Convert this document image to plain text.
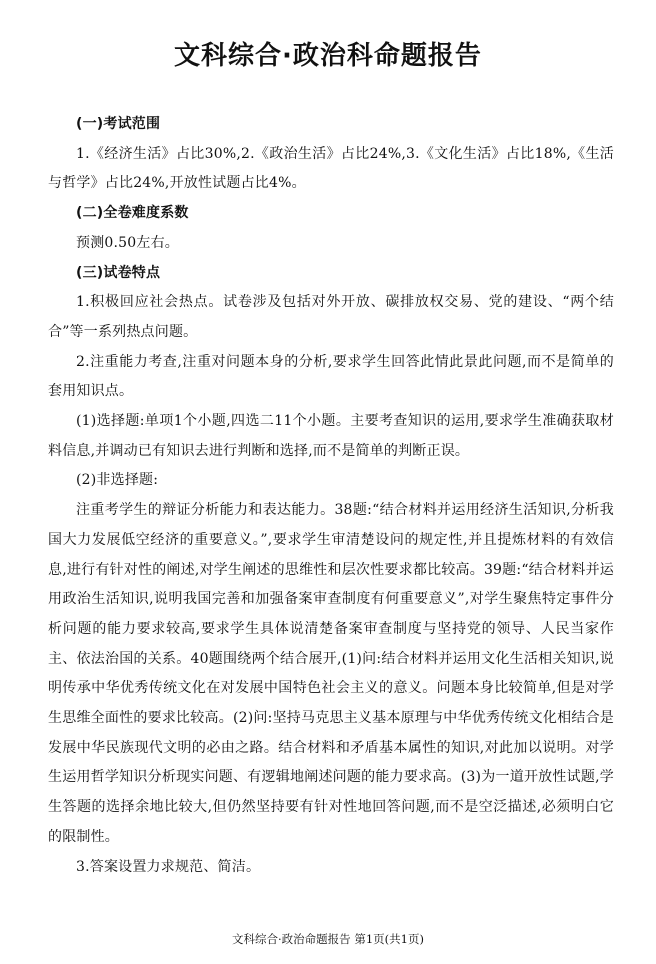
文科综合·政治科命题报告

(一)考试范围

1.《经济生活》占比30%,2.《政治生活》占比24%,3.《文化生活》占比18%,《生活与哲学》占比24%,开放性试题占比4%。

(二)全卷难度系数

预测0.50左右。

(三)试卷特点

1.积极回应社会热点。试卷涉及包括对外开放、碳排放权交易、党的建设、“两个结合”等一系列热点问题。

2.注重能力考查,注重对问题本身的分析,要求学生回答此情此景此问题,而不是简单的套用知识点。

(1)选择题:单项1个小题,四选二11个小题。主要考查知识的运用,要求学生准确获取材料信息,并调动已有知识去进行判断和选择,而不是简单的判断正误。

(2)非选择题:

注重考学生的辩证分析能力和表达能力。38题:“结合材料并运用经济生活知识,分析我国大力发展低空经济的重要意义。”,要求学生审清楚设问的规定性,并且提炼材料的有效信息,进行有针对性的阐述,对学生阐述的思维性和层次性要求都比较高。39题:“结合材料并运用政治生活知识,说明我国完善和加强备案审查制度有何重要意义”,对学生聚焦特定事件分析问题的能力要求较高,要求学生具体说清楚备案审查制度与坚持党的领导、人民当家作主、依法治国的关系。40题围绕两个结合展开,(1)问:结合材料并运用文化生活相关知识,说明传承中华优秀传统文化在对发展中国特色社会主义的意义。问题本身比较简单,但是对学生思维全面性的要求比较高。(2)问:坚持马克思主义基本原理与中华优秀传统文化相结合是发展中华民族现代文明的必由之路。结合材料和矛盾基本属性的知识,对此加以说明。对学生运用哲学知识分析现实问题、有逻辑地阐述问题的能力要求高。(3)为一道开放性试题,学生答题的选择余地比较大,但仍然坚持要有针对性地回答问题,而不是空泛描述,必须明白它的限制性。

3.答案设置力求规范、简洁。

文科综合·政治命题报告 第1页(共1页)
